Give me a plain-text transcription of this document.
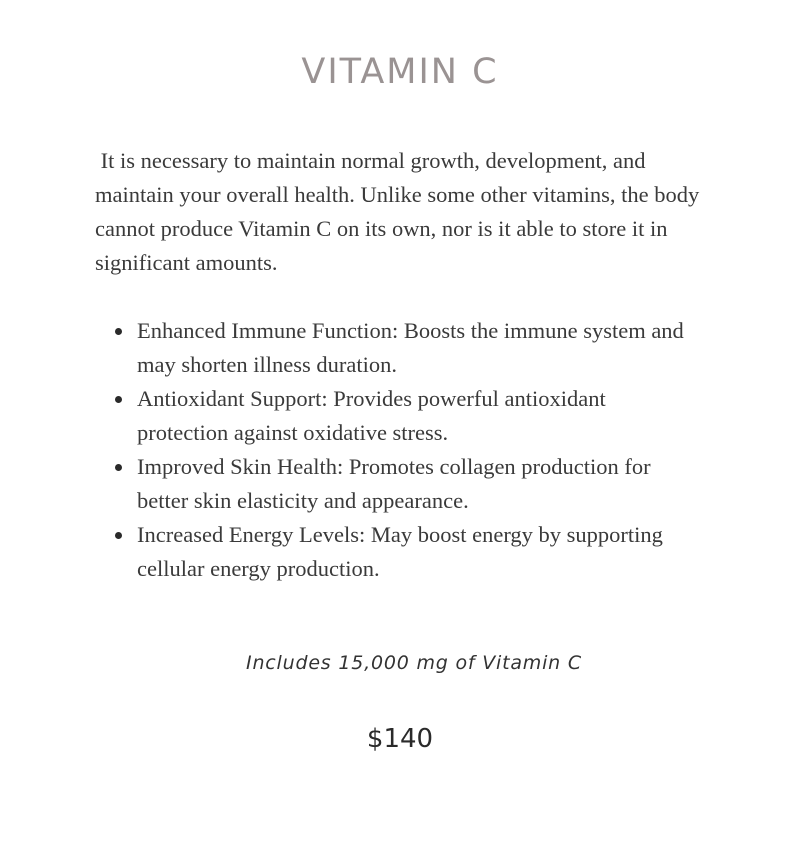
VITAMIN C

It is necessary to maintain normal growth, development, and maintain your overall health. Unlike some other vitamins, the body cannot produce Vitamin C on its own, nor is it able to store it in significant amounts.

Enhanced Immune Function: Boosts the immune system and may shorten illness duration.
Antioxidant Support: Provides powerful antioxidant protection against oxidative stress.
Improved Skin Health: Promotes collagen production for better skin elasticity and appearance.
Increased Energy Levels: May boost energy by supporting cellular energy production.

Includes 15,000 mg of Vitamin C

$140
